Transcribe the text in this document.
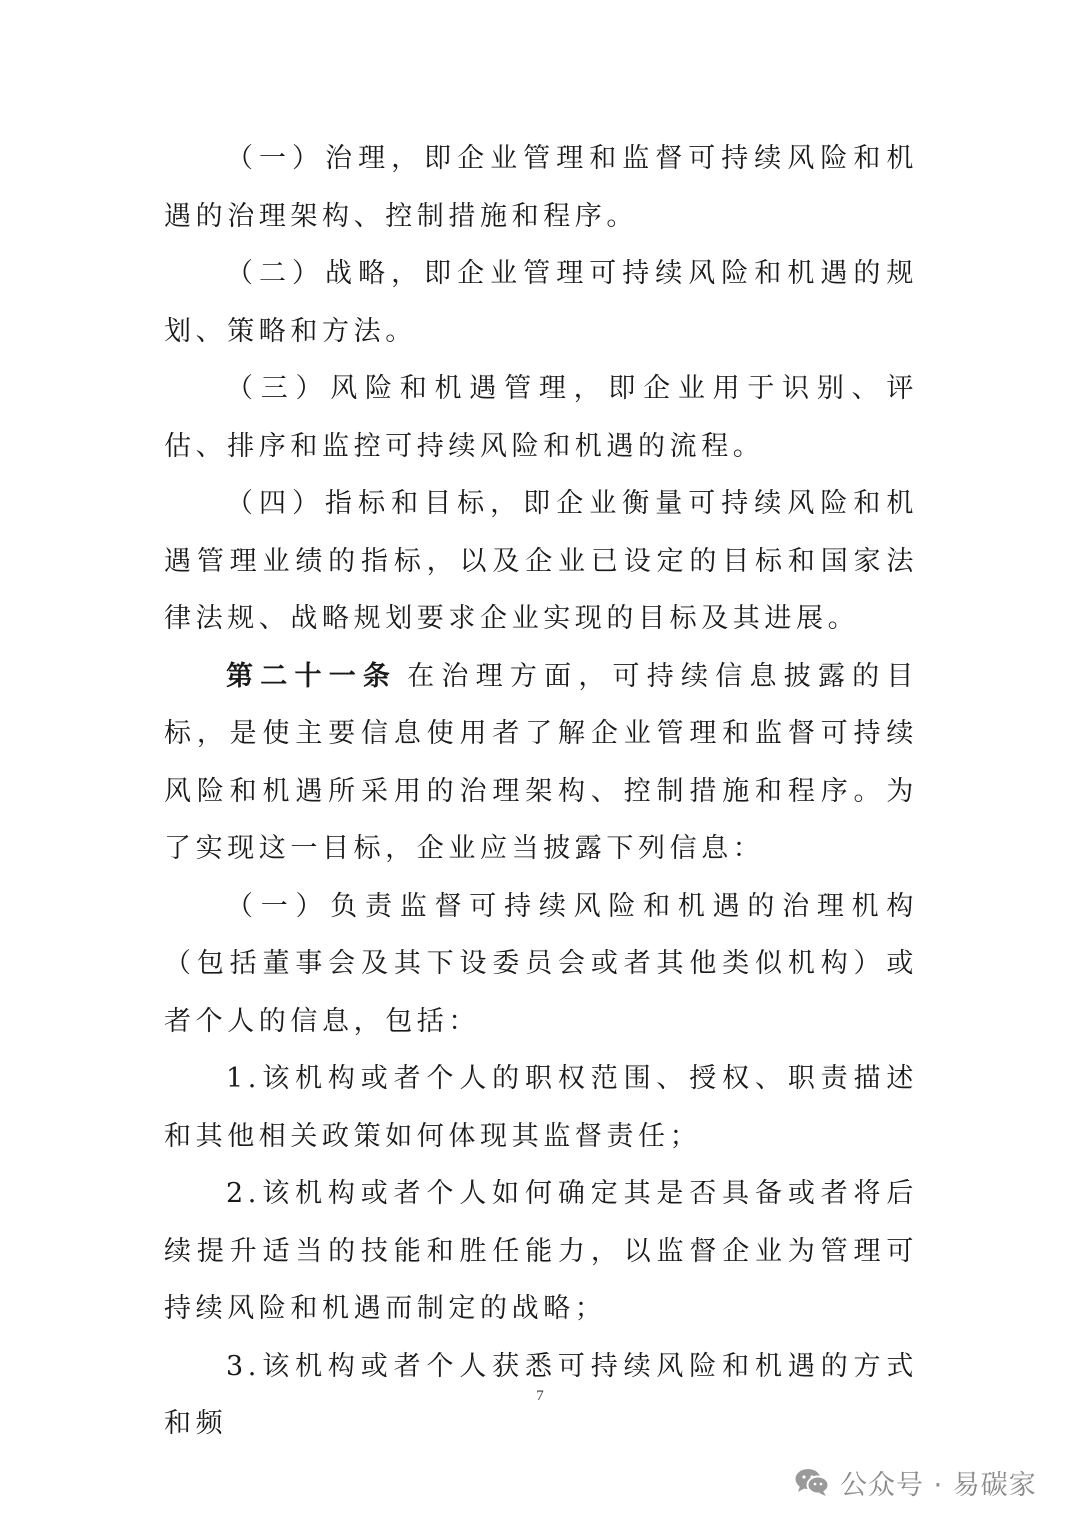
（一）治理，即企业管理和监督可持续风险和机遇的治理架构、控制措施和程序。

（二）战略，即企业管理可持续风险和机遇的规划、策略和方法。

（三）风险和机遇管理，即企业用于识别、评估、排序和监控可持续风险和机遇的流程。

（四）指标和目标，即企业衡量可持续风险和机遇管理业绩的指标，以及企业已设定的目标和国家法律法规、战略规划要求企业实现的目标及其进展。

第二十一条 在治理方面，可持续信息披露的目标，是使主要信息使用者了解企业管理和监督可持续风险和机遇所采用的治理架构、控制措施和程序。为了实现这一目标，企业应当披露下列信息：

（一）负责监督可持续风险和机遇的治理机构（包括董事会及其下设委员会或者其他类似机构）或者个人的信息，包括：

1.该机构或者个人的职权范围、授权、职责描述和其他相关政策如何体现其监督责任；

2.该机构或者个人如何确定其是否具备或者将后续提升适当的技能和胜任能力，以监督企业为管理可持续风险和机遇而制定的战略；

3.该机构或者个人获悉可持续风险和机遇的方式和频

7
公众号 · 易碳家
